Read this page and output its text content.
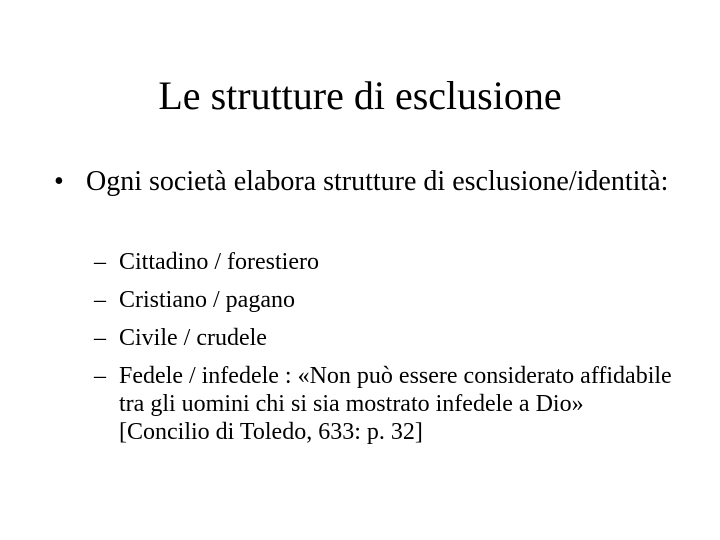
Le strutture di esclusione
• Ogni società elabora strutture di esclusione/identità:
– Cittadino / forestiero
– Cristiano / pagano
– Civile / crudele
– Fedele / infedele : «Non può essere considerato affidabile tra gli uomini chi si sia mostrato infedele a Dio» [Concilio di Toledo, 633: p. 32]
